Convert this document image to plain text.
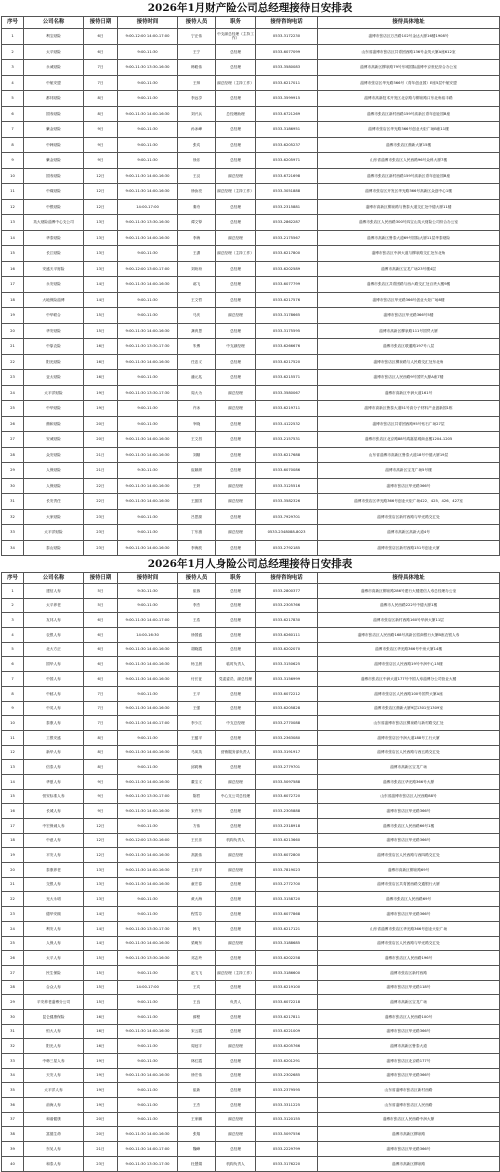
2026年1月财产险公司总经理接待日安排表
序号	公司名称	接待日期	接待时间	接待人员	职务	接待咨询电话	接待具体地址
1	利宝财险	6日	9:00-12:00 14:00-17:00	宁正伟	中支副总经理（主持工作）	0533-3172230	淄博市张店区万杰路102号金达大厦16楼1908号
2	太平财险	6日	9:00-11:30	王宁	总经理	0533-6077099	山东省淄博市张店区共青团西路136号金茂大厦A座612室
3	永诚财险	7日	9:00-11:30 13:30-16:30	韩聪伟	总经理	0533-3580083	淄博市高新区柳泉路79号东城国际淄博中京世纪综合办公室
4	中航安盟	7日	9:00-11:30	王帅	副总经理（主持工作）	0533-6217011	淄博市张店区华光路366号（青年创业园）E座5层中航安盟
5	都邦财险	8日	9:00-11:30	李远享	总经理	0533-3599915	淄博市高新技术开发区北京路与柳泉路口东北角裕丰路
6	国寿财险	8日	9:00-11:30 14:00-16:30	刘兴兵	总经理助理	0533-6721269	淄博市张店区新村西路159号高新区青年创业园B座
7	紫金财险	9日	9:00-11:30	孙冰峰	总经理	0533-3186951	淄博市张店区华光路366号创业火炬广场B座11楼
8	中韩财险	9日	9:00-11:30	张宾	总经理	0533-6205237	淄博市张店区鼎新大厦15楼
9	紫金财险	9日	9:00-11:30	徐乐	总经理	0533-6205971	山东省淄博市张店区人民西路96号众科大厦7楼
10	国寿财险	12日	9:00-11:30 14:00-16:30	王汉	副总经理	0533-6721698	淄博市张店区新村西路159号高新区青年创业园B座
11	中煤财险	12日	9:00-11:30 14:00-16:30	徐汝亮	副总经理（主持工作）	0533-3051888	淄博市张店区开发区华光路366号高新区众创中心1楼
12	中银财险	12日	14:00-17:00	秦舟	总经理	0533-2315881	淄博市高新区柳泉路与鲁泰大道交汇处中德大厦11楼
13	英大财险淄博中心支公司	13日	9:00-11:30 13:30-16:30	谭文铎	总经理	0533-2862287	淄博市张店区人民西路300号四宝山英大财险公司综合办公室
14	华泰财险	13日	9:00-11:30 14:00-16:30	李海	副总经理	0533-2175567	淄博市高新区鲁泰大道69号国际大厦11层华泰财险
15	长江财险	13日	9:00-11:30	王潇	副总经理（主持工作）	0533-6217800	淄博市张店区中润大道与柳泉路交汇处东北角
16	安盛天平财险	13日	9:00-12:00 13:00-17:00	刘玢玢	总经理	0533-6202589	淄博市高新区宝龙广场23号楼4层
17	永安财险	14日	9:00-11:30 14:00-16:30	郝飞	总经理	0533-6077799	淄博市张店区共青团路与西六路交汇处百货大楼9楼
18	大地保险淄博	14日	9:00-11:30	王文哲	总经理	0533-6217576	淄博市张店区华光路366号创业火炬广场8楼
19	中华联合	15日	9:00-11:30	马庆	副总经理	0533-3178665	淄博市张店区华光路366号5楼
20	华安财险	15日	9:00-11:30 14:00-16:30	龚育思	总经理	0533-3175595	淄博市高新区柳泉路111号国贸大厦
21	中原农险	16日	9:00-11:30 13:30-17:30	朱博	中支副经理	0533-6266676	淄博市张店区联通路197号八层
22	阳光财险	16日	9:00-11:30 14:00-16:30	任忠义	总经理	0533-6217520	淄博市张店区柳泉路与人民路交汇处东北角
23	亚太财险	16日	9:00-11:30	潘元兆	总经理	0533-6215571	淄博市张店区人民西路9号国贸大厦A座7楼
24	太平洋财险	19日	9:00-11:30 13:30-17:30	周大为	副总经理	0533-3580067	淄博市高新区中润大道161号
25	中华财险	19日	9:00-11:30	许冰	副总经理	0533-6219711	淄博市高新区鲁泰大道51号高分子材料产业创新园1栋
26	鼎和财险	20日	9:00-11:30	宰晓	总经理	0533-4122532	淄博市张店区共青团西路95号钻石广场27层
27	安诚财险	20日	9:00-11:30 14:00-16:30	王文昌	总经理	0533-2157531	淄博市张店区北京路88号鸿嘉星城商业楼1204-1205
28	众安财险	21日	9:00-11:30 14:00-16:30	刘顺	总经理	0533-6217688	山东省淄博市高新区鲁泰大道18号中德大厦19层
29	人保财险	21日	9:30-11:30	崔颖颜	总经理	0533-6070086	淄博市高新区宝龙广场5号楼
30	人保财险	22日	9:00-11:30 14:00-16:30	王妍	副总经理	0533-3125516	淄博市张店区华光路366号
31	长安责任	22日	9:00-11:30 14:00-16:30	王振国	副总经理	0533-3582326	淄博市张店区华光路366号创业火炬广场422、425、426、427室
32	大家财险	23日	9:00-11:30	吕思源	总经理	0533-7929701	淄博市张店区新村西路与华光路交汇处
33	太平洋财险	23日	9:00-11:30	丁东旗	副总经理	0533-2348088-8023	淄博市高新区高新大道4号
34	泰山财险	23日	9:00-11:30 14:00-16:30	李海波	总经理	0533-2792185	淄博市张店区新村西路151号创业大厦
2026年1月人身险公司总经理接待日安排表
序号	公司名称	接待日期	接待时间	接待人员	职务	接待咨询电话	接待具体地址
1	建信人寿	5日	9:30-11:30	崔蓉	总经理	0533-2800377	淄博市高新区柳泉路286号建行大楼建信人寿总经理办公室
2	太平养老	5日	9:00-11:30	李杰	总经理	0533-2305766	淄博市人民西路222号中德大厦1楼
3	友邦人寿	6日	9:00-11:30 14:00-17:00	王浩	总经理	0533-6217830	淄博市张店区新村西路160号华润大厦11层
4	农银人寿	6日	14:00-16:30	徐国盛	总经理	0533-6260111	淄博市张店区人民西路168号高新区招商银行大厦B座农银人寿
5	北大方正	6日	9:00-11:30 14:00-16:30	胡晓霞	总经理	0533-6202070	淄博市张店区华光路366号中房大厦14楼
6	国华人寿	6日	9:00-11:30 14:00-16:30	杨卫晨	临时负责人	0533-3150625	淄博市张店区人民西路19号中润中心15楼
7	中国人寿	6日	9:00-11:30 14:00-16:30	付长征	党委委员、副总经理	0533-3156999	淄博市张店区中润大道177号中国人寿淄博分公司营业大楼
8	中邮人寿	7日	9:00-11:30	王平	总经理	0533-6072212	淄博市张店区人民西路100号国贸大厦A座
9	中英人寿	7日	9:00-11:30 14:00-16:30	王强	总经理	0533-6205828	淄博市张店区鼎新大厦9层1301至1309室
10	泰康人寿	7日	9:00-11:30 14:00-17:00	李少江	中支总经理	0533-2770088	山东省淄博市张店区柳泉路与新村路交汇处
11	工银安盛	8日	9:00-11:30	王蕴平	总经理	0533-2363080	淄博市张店区中润大道188号工行大厦
12	新华人寿	8日	9:00-11:30 14:00-16:30	马凤英	营销服务部负责人	0533-3191917	淄博市张店区人民西路与西五路交汇处
13	信泰人寿	8日	9:00-11:30	邱莉梅	总经理	0533-2779701	淄博市高新区宝龙广场
14	华夏人寿	9日	9:00-11:30 14:00-16:30	董宝义	副总经理	0533-5097588	淄博市张店区华光路366号大厦
15	恒安标准人寿	9日	9:00-11:30 13:30-17:00	陈哲	中心支公司总经理	0533-6072720	山东省淄博市张店区人民西路88号
16	长城人寿	9日	9:00-11:30 14:00-16:30	宋许东	总经理	0533-2305888	淄博市张店区华光路366号
17	中宏保诚人寿	12日	9:00-11:30	方伟	总经理	0533-2318918	淄博市张店区人民西路66号1楼
18	中意人寿	12日	9:00-12:00 13:30-16:00	王长乐	机构负责人	0533-6213660	淄博市张店区华光路366号
19	平安人寿	12日	9:00-11:30 14:00-16:30	高凯伟	副总经理	0533-6072800	淄博市张店区人民西路与西四路交汇处
20	泰康养老	13日	9:00-11:30 14:00-16:30	王向平	副总经理	0533-7819023	淄博市高新区柳泉路69号
21	交银人寿	13日	9:00-11:30 14:00-16:30	童宏春	总经理	0533-2772700	淄博市张店区共青团西路交通银行大厦
22	光大永明	13日	9:00-11:30	黄大海	总经理	0533-3158720	淄博市张店区人民西路69号
23	德华安顾	14日	9:00-11:30	程雪芬	总经理	0533-6077868	淄博市张店区华光路366号
24	利安人寿	14日	9:00-11:30 13:30-17:30	韩飞	总经理	0533-6217121	山东省淄博市张店区华光路366号创业火炬广场
25	人保人寿	14日	9:00-11:30 14:00-16:30	梁萌东	副总经理	0533-3188685	淄博市张店区人民西路与华光路交汇处
26	太平人寿	15日	9:00-11:30 13:30-16:30	邓志玲	总经理	0533-6202258	淄博市张店区人民西路196号
27	民生保险	15日	9:00-11:30	赵飞飞	副总经理（主持工作）	0533-3186600	淄博市张店区新村西路
28	合众人寿	15日	14:00-17:00	王宾	总经理	0533-6219100	淄博市张店区华光路118号
29	平安养老淄博分公司	15日	9:00-11:30	王良	负责人	0533-6072218	淄博市高新区宝龙广场
30	昆仑健康保险	16日	9:00-11:30	薛程	总经理	0533-6217811	淄博市张店区人民西路100号
31	恒大人寿	16日	9:00-11:30 14:00-16:30	宋云霞	总经理	0533-6221009	淄博市张店区华光路366号
32	阳光人寿	16日	9:00-11:30	周冠宇	副总经理	0533-6205766	淄博市高新区鲁泰大道
33	中韩三星人寿	19日	9:00-11:30	林红霞	总经理	0533-6201291	淄博市张店区北京路177号
34	天安人寿	19日	9:00-11:30 14:00-16:30	徐宏伟	总经理	0533-2302685	淄博市张店区华光路366号
35	太平洋人寿	19日	9:00-11:30	崔新	总经理	0533-2379595	山东省淄博市张店区新村西路
36	前海人寿	19日	9:00-11:30	王杰	总经理	0533-3311225	山东省淄博市张店区人民西路
37	和谐健康	20日	9:00-11:30	王家鹏	副总经理	0533-3120155	淄博市张店区人民西路中润大厦
38	富德生命	20日	9:00-11:30 14:00-16:30	张翔	副总经理	0533-5097556	淄博市高新区柳泉路
39	东吴人寿	21日	9:00-11:30 14:00-17:00	魏峰	总经理	0533-2229799	淄博市张店区华光路366号
40	和泰人寿	23日	9:00-11:30 13:30-17:30	杜慧娟	机构负责人	0533-3176220	淄博市高新区柳泉路
